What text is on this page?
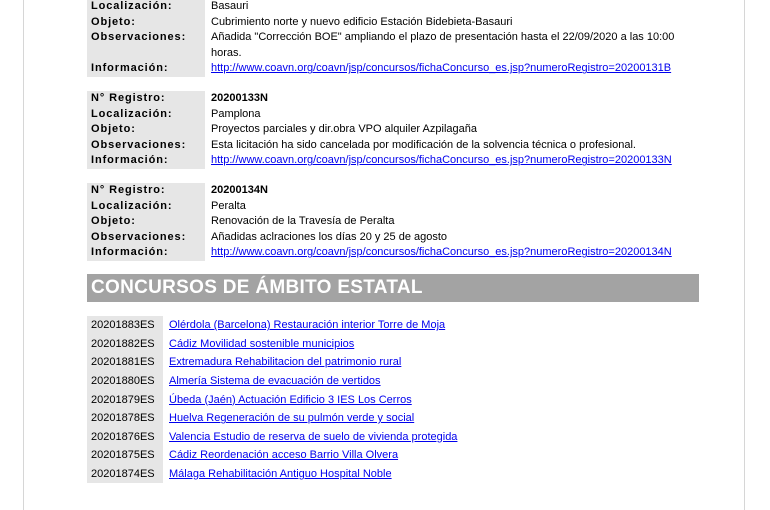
Localización:	Basauri
Objeto:	Cubrimiento norte y nuevo edificio Estación Bidebieta-Basauri
Observaciones:	Añadida "Corrección BOE" ampliando el plazo de presentación hasta el 22/09/2020 a las 10:00 horas.
Información:	http://www.coavn.org/coavn/jsp/concursos/fichaConcurso_es.jsp?numeroRegistro=20200131B
N° Registro:	20200133N
Localización:	Pamplona
Objeto:	Proyectos parciales y dir.obra VPO alquiler Azpilagaña
Observaciones:	Esta licitación ha sido cancelada por modificación de la solvencia técnica o profesional.
Información:	http://www.coavn.org/coavn/jsp/concursos/fichaConcurso_es.jsp?numeroRegistro=20200133N
N° Registro:	20200134N
Localización:	Peralta
Objeto:	Renovación de la Travesía de Peralta
Observaciones:	Añadidas aclraciones los días 20 y 25 de agosto
Información:	http://www.coavn.org/coavn/jsp/concursos/fichaConcurso_es.jsp?numeroRegistro=20200134N
CONCURSOS DE ÁMBITO ESTATAL
20201883ES	Olérdola (Barcelona) Restauración interior Torre de Moja
20201882ES	Cádiz Movilidad sostenible municipios
20201881ES	Extremadura Rehabilitacion del patrimonio rural
20201880ES	Almería Sistema de evacuación de vertidos
20201879ES	Úbeda (Jaén) Actuación Edificio 3 IES Los Cerros
20201878ES	Huelva Regeneración de su pulmón verde y social
20201876ES	Valencia Estudio de reserva de suelo de vivienda protegida
20201875ES	Cádiz Reordenación acceso Barrio Villa Olvera
20201874ES	Málaga Rehabilitación Antiguo Hospital Noble
